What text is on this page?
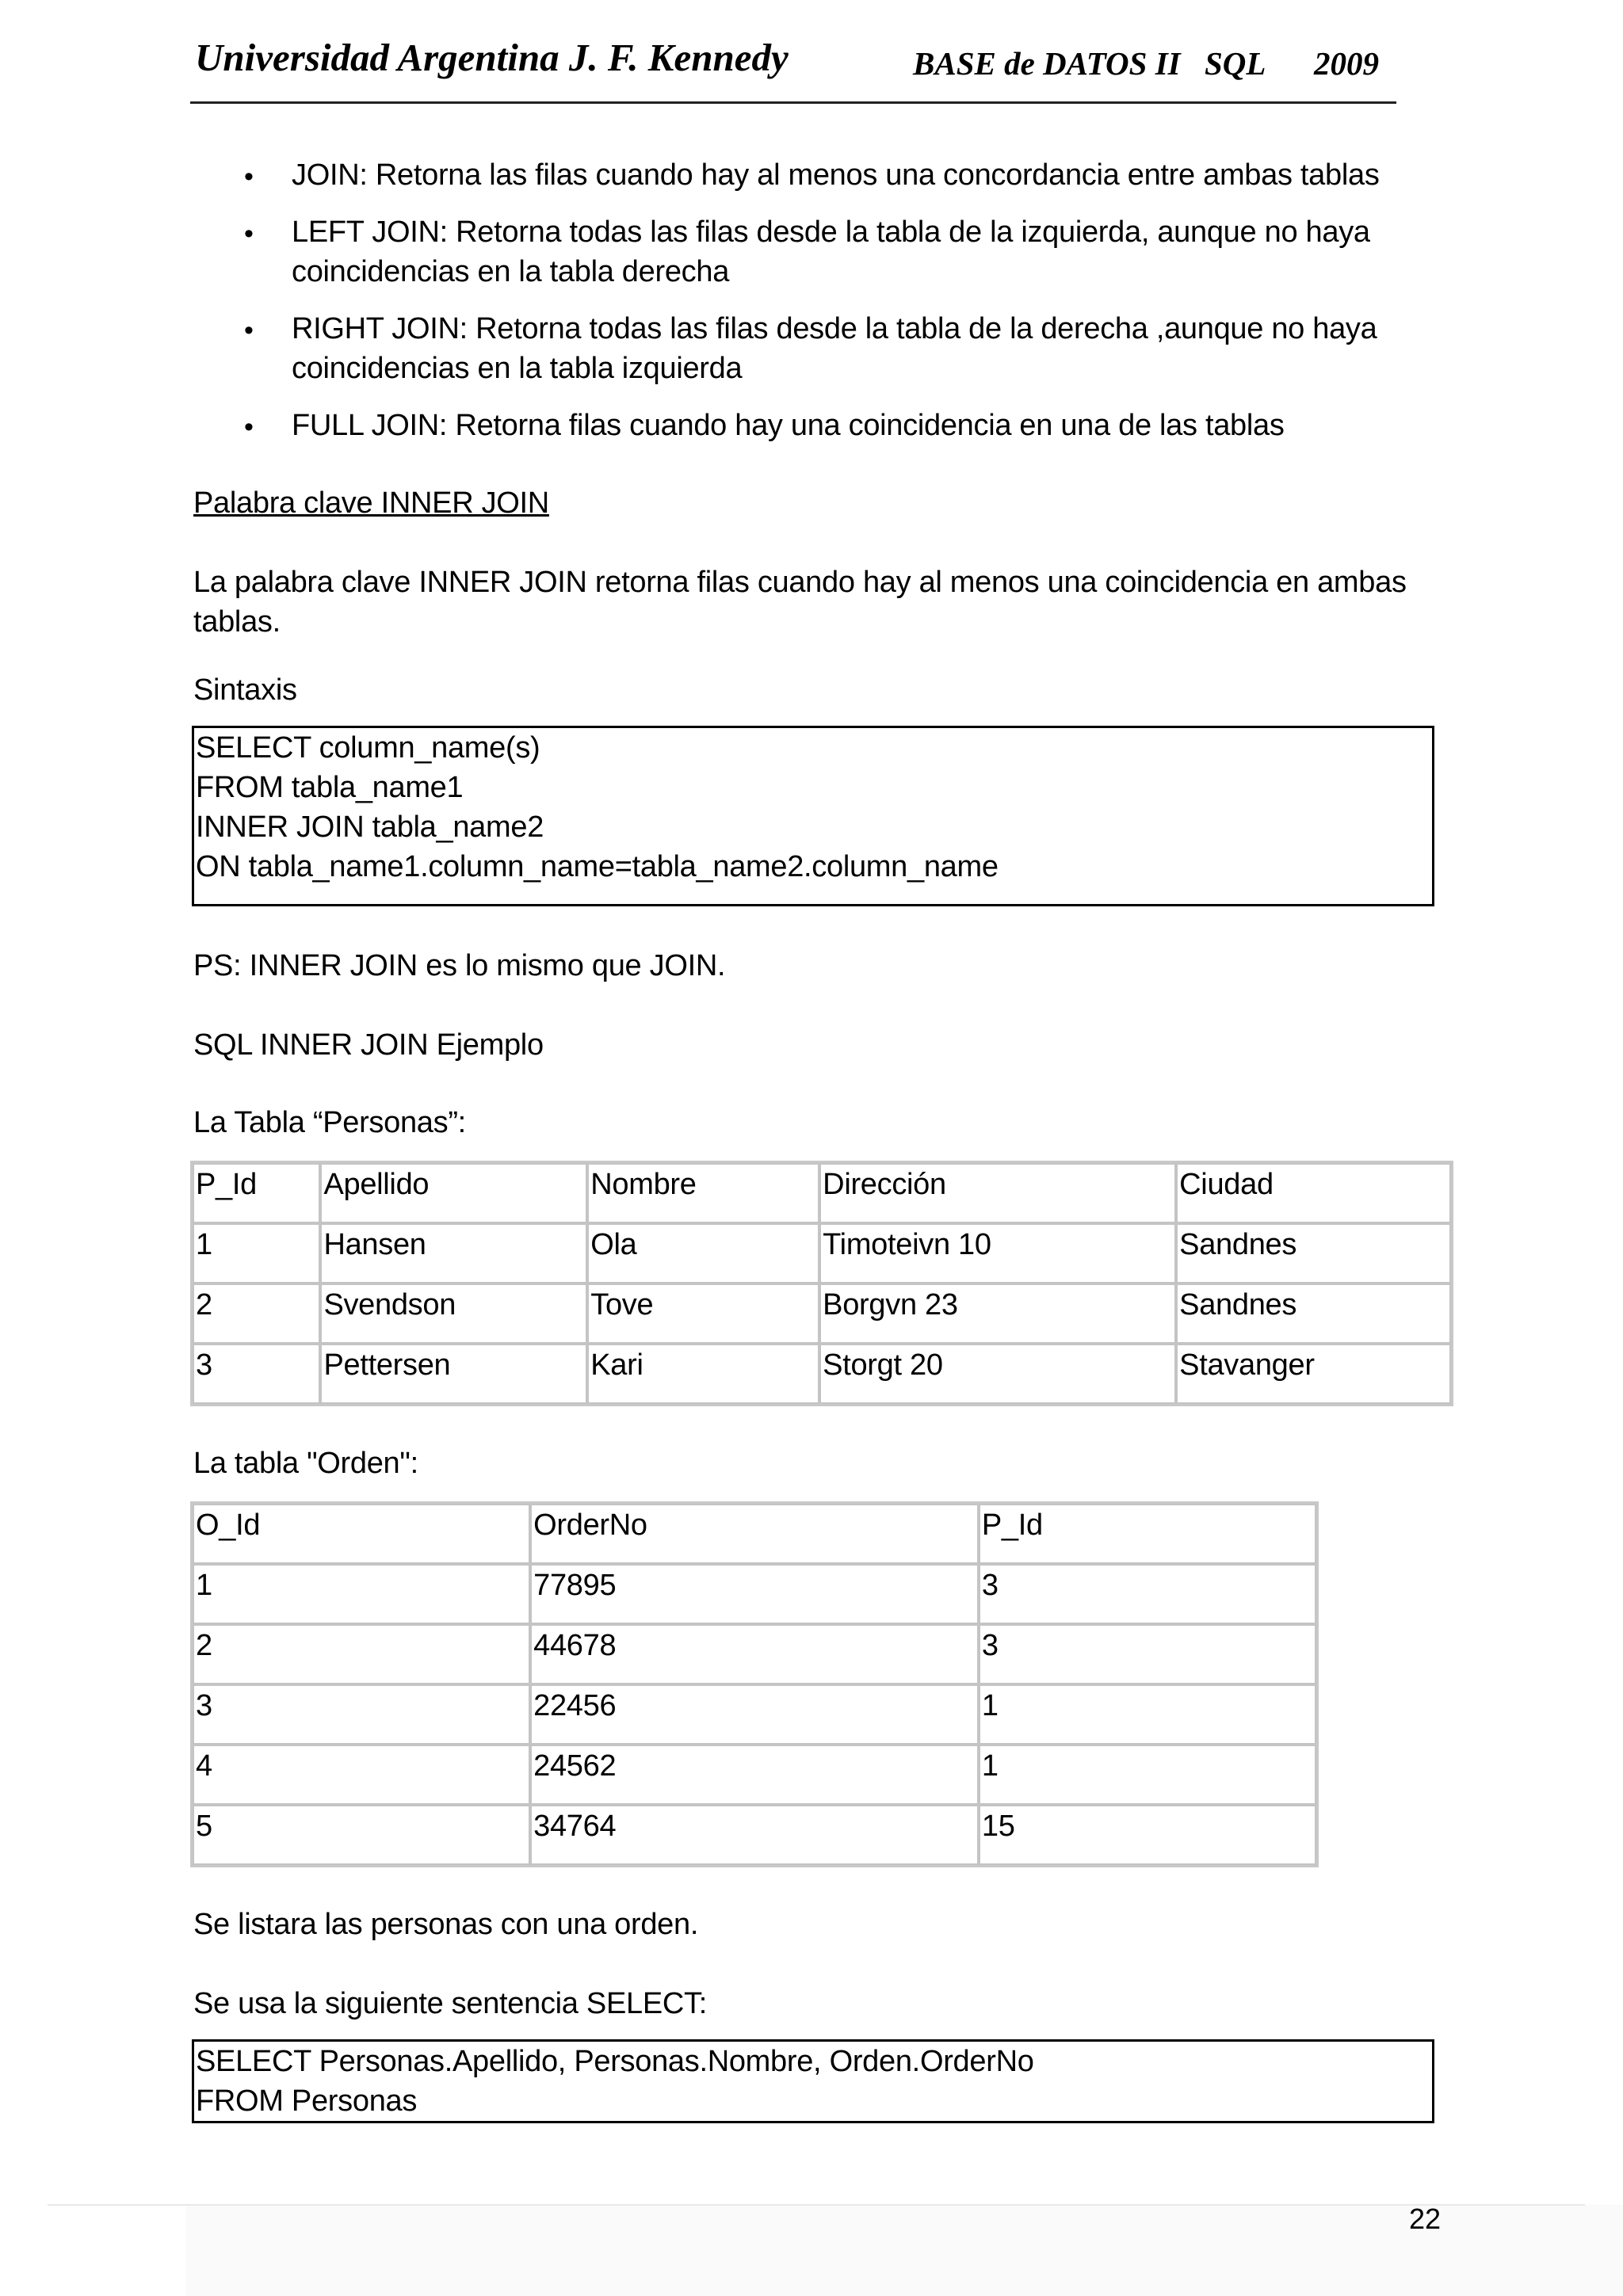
Universidad Argentina J. F. Kennedy	BASE de DATOS II SQL 2009
• JOIN: Retorna las filas cuando hay al menos una concordancia entre ambas tablas
• LEFT JOIN: Retorna todas las filas desde la tabla de la izquierda, aunque no haya
coincidencias en la tabla derecha
• RIGHT JOIN: Retorna todas las filas desde la tabla de la derecha ,aunque no haya
coincidencias en la tabla izquierda
• FULL JOIN: Retorna filas cuando hay una coincidencia en una de las tablas
Palabra clave INNER JOIN
La palabra clave INNER JOIN retorna filas cuando hay al menos una coincidencia en ambas
tablas.
Sintaxis
SELECT column_name(s)
FROM tabla_name1
INNER JOIN tabla_name2
ON tabla_name1.column_name=tabla_name2.column_name
PS: INNER JOIN es lo mismo que JOIN.
SQL INNER JOIN Ejemplo
La Tabla “Personas”:
P_Id	Apellido	Nombre	Dirección	Ciudad
1	Hansen	Ola	Timoteivn 10	Sandnes
2	Svendson	Tove	Borgvn 23	Sandnes
3	Pettersen	Kari	Storgt 20	Stavanger
La tabla "Orden":
O_Id	OrderNo	P_Id
1	77895	3
2	44678	3
3	22456	1
4	24562	1
5	34764	15
Se listara las personas con una orden.
Se usa la siguiente sentencia SELECT:
SELECT Personas.Apellido, Personas.Nombre, Orden.OrderNo
FROM Personas
22
